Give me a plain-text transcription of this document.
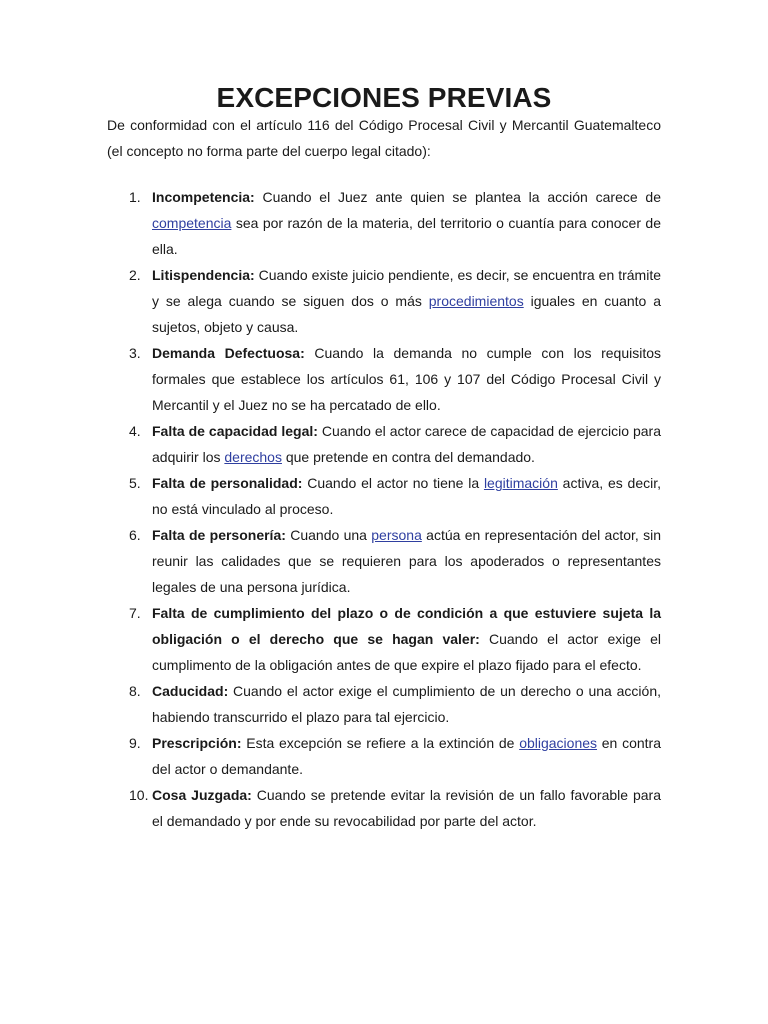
EXCEPCIONES PREVIAS

De conformidad con el artículo 116 del Código Procesal Civil y Mercantil Guatemalteco (el concepto no forma parte del cuerpo legal citado):

1. Incompetencia: Cuando el Juez ante quien se plantea la acción carece de competencia sea por razón de la materia, del territorio o cuantía para conocer de ella.
2. Litispendencia: Cuando existe juicio pendiente, es decir, se encuentra en trámite y se alega cuando se siguen dos o más procedimientos iguales en cuanto a sujetos, objeto y causa.
3. Demanda Defectuosa: Cuando la demanda no cumple con los requisitos formales que establece los artículos 61, 106 y 107 del Código Procesal Civil y Mercantil y el Juez no se ha percatado de ello.
4. Falta de capacidad legal: Cuando el actor carece de capacidad de ejercicio para adquirir los derechos que pretende en contra del demandado.
5. Falta de personalidad: Cuando el actor no tiene la legitimación activa, es decir, no está vinculado al proceso.
6. Falta de personería: Cuando una persona actúa en representación del actor, sin reunir las calidades que se requieren para los apoderados o representantes legales de una persona jurídica.
7. Falta de cumplimiento del plazo o de condición a que estuviere sujeta la obligación o el derecho que se hagan valer: Cuando el actor exige el cumplimento de la obligación antes de que expire el plazo fijado para el efecto.
8. Caducidad: Cuando el actor exige el cumplimiento de un derecho o una acción, habiendo transcurrido el plazo para tal ejercicio.
9. Prescripción: Esta excepción se refiere a la extinción de obligaciones en contra del actor o demandante.
10. Cosa Juzgada: Cuando se pretende evitar la revisión de un fallo favorable para el demandado y por ende su revocabilidad por parte del actor.
